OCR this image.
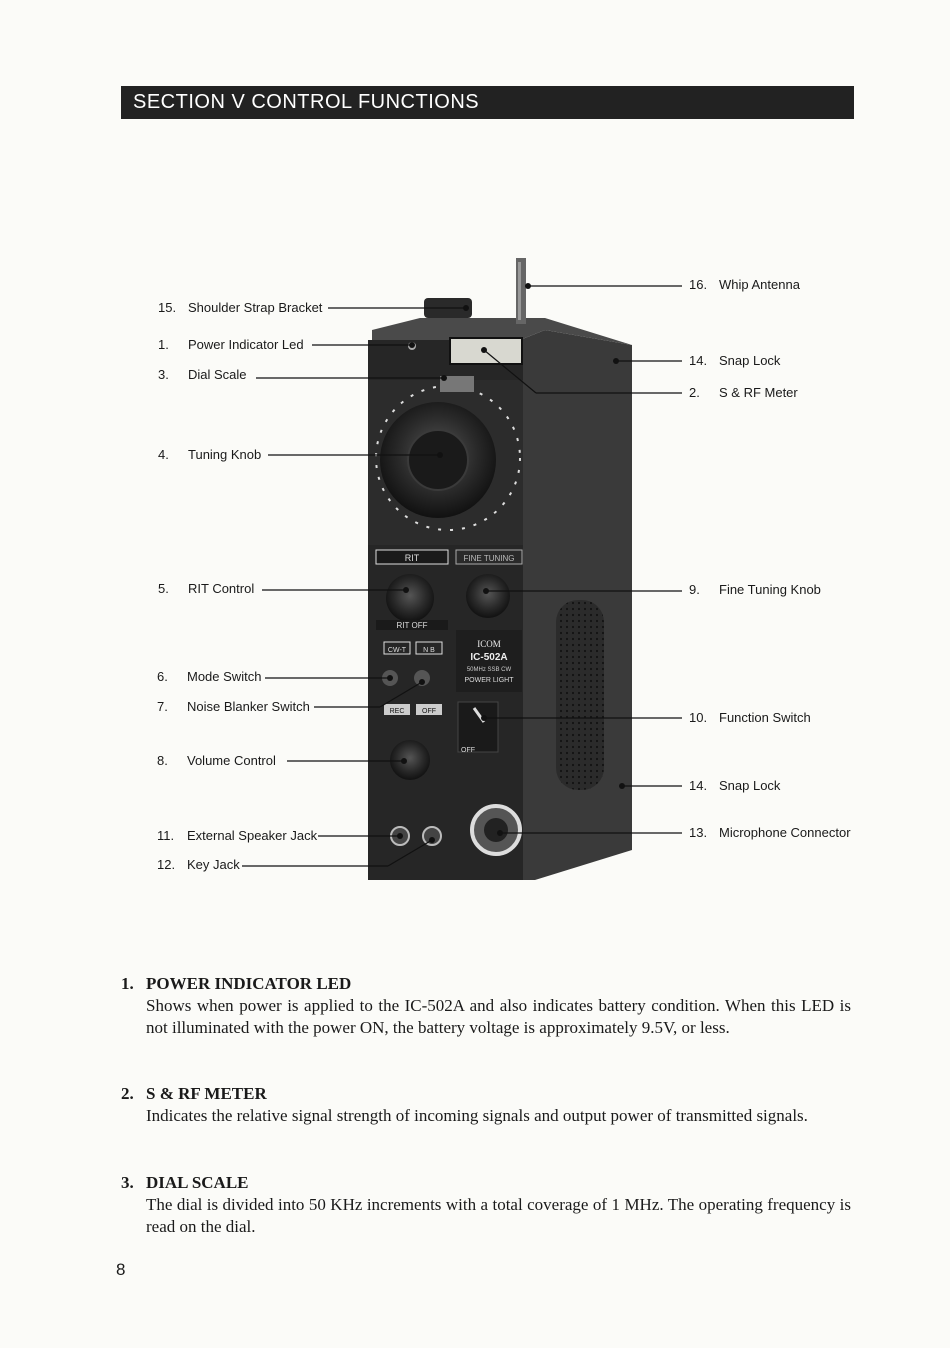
SECTION V CONTROL FUNCTIONS
RIT
RIT OFF
FINE TUNING
ICOM
IC-502A
50MHz SSB CW
POWER LIGHT
CW-T N B
REC	OFF
OFF
15. Shoulder Strap Bracket
1. Power Indicator Led
3. Dial Scale
4. Tuning Knob
5. RIT Control
6. Mode Switch
7. Noise Blanker Switch
8. Volume Control
11. External Speaker Jack
12. Key Jack
16. Whip Antenna
14. Snap Lock
2. S & RF Meter
9. Fine Tuning Knob
10. Function Switch
14. Snap Lock
13. Microphone Connector
1. POWER INDICATOR LED

Shows when power is applied to the IC-502A and also indicates battery condition. When this LED is not illuminated with the power ON, the battery voltage is approximately 9.5V, or less.

2. S & RF METER

Indicates the relative signal strength of incoming signals and output power of transmitted signals.

3. DIAL SCALE

The dial is divided into 50 KHz increments with a total coverage of 1 MHz. The operating frequency is read on the dial.

8
